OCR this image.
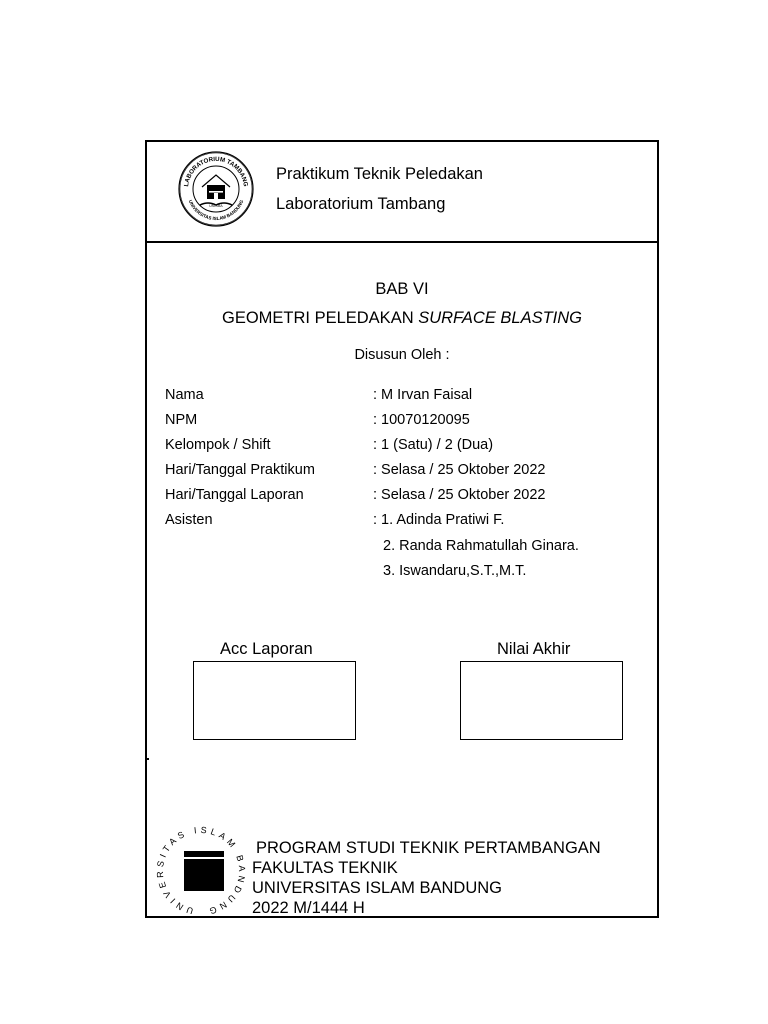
LABORATORIUM TAMBANG
UNIVERSITAS ISLAM BANDUNG
UNISBA
Praktikum Teknik Peledakan
Laboratorium Tambang
BAB VI
GEOMETRI PELEDAKAN SURFACE BLASTING
Disusun Oleh :
Nama	: M Irvan Faisal
NPM	: 10070120095
Kelompok / Shift	: 1 (Satu) / 2 (Dua)
Hari/Tanggal Praktikum	: Selasa / 25 Oktober 2022
Hari/Tanggal Laporan	: Selasa / 25 Oktober 2022
Asisten	: 1. Adinda Pratiwi F.
2. Randa Rahmatullah Ginara.
3. Iswandaru,S.T.,M.T.
Acc Laporan	Nilai Akhir
UNIVERSITAS ISLAM BANDUNG
PROGRAM STUDI TEKNIK PERTAMBANGAN
FAKULTAS TEKNIK
UNIVERSITAS ISLAM BANDUNG
2022 M/1444 H
